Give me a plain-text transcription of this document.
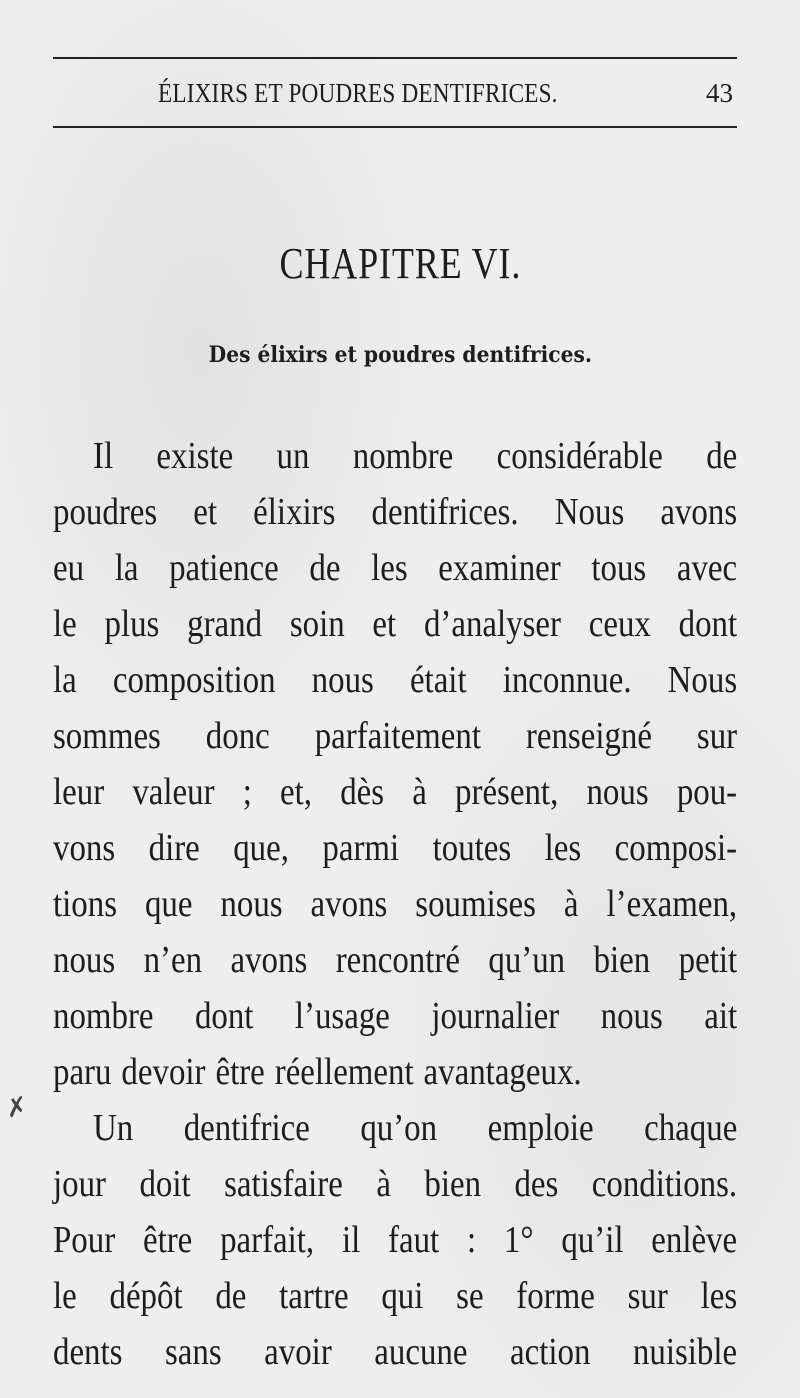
ÉLIXIRS ET POUDRES DENTIFRICES.	43
CHAPITRE VI.
Des élixirs et poudres dentifrices.
✗
Il existe un nombre considérable de
poudres et élixirs dentifrices. Nous avons
eu la patience de les examiner tous avec
le plus grand soin et d’analyser ceux dont
la composition nous était inconnue. Nous
sommes donc parfaitement renseigné sur
leur valeur ; et, dès à présent, nous pou-
vons dire que, parmi toutes les composi-
tions que nous avons soumises à l’examen,
nous n’en avons rencontré qu’un bien petit
nombre dont l’usage journalier nous ait
paru devoir être réellement avantageux.
Un dentifrice qu’on emploie chaque
jour doit satisfaire à bien des conditions.
Pour être parfait, il faut : 1° qu’il enlève
le dépôt de tartre qui se forme sur les
dents sans avoir aucune action nuisible
